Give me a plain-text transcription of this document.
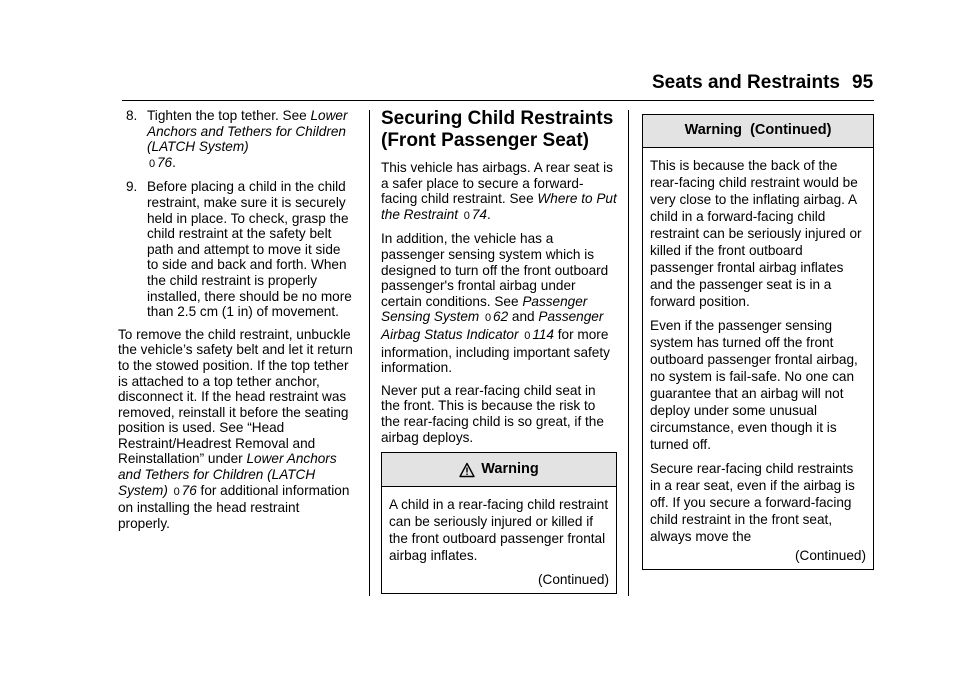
Seats and Restraints 95
8. Tighten the top tether. See Lower Anchors and Tethers for Children (LATCH System)
0 76.
9. Before placing a child in the child restraint, make sure it is securely held in place. To check, grasp the child restraint at the safety belt path and attempt to move it side to side and back and forth. When the child restraint is properly installed, there should be no more than 2.5 cm (1 in) of movement.

To remove the child restraint, unbuckle the vehicle’s safety belt and let it return to the stowed position. If the top tether is attached to a top tether anchor, disconnect it. If the head restraint was removed, reinstall it before the seating position is used. See “Head Restraint/Headrest Removal and Reinstallation” under Lower Anchors and Tethers for Children (LATCH System) 0 76 for additional information on installing the head restraint properly.

Securing Child Restraints (Front Passenger Seat)

This vehicle has airbags. A rear seat is a safer place to secure a forward-facing child restraint. See Where to Put the Restraint 0 74.

In addition, the vehicle has a passenger sensing system which is designed to turn off the front outboard passenger's frontal airbag under certain conditions. See Passenger Sensing System 0 62 and Passenger Airbag Status Indicator 0 114 for more information, including important safety information.

Never put a rear-facing child seat in the front. This is because the risk to the rear-facing child is so great, if the airbag deploys.

Warning

A child in a rear-facing child restraint can be seriously injured or killed if the front outboard passenger frontal airbag inflates.

(Continued)

Warning  (Continued)

This is because the back of the rear-facing child restraint would be very close to the inflating airbag. A child in a forward-facing child restraint can be seriously injured or killed if the front outboard passenger frontal airbag inflates and the passenger seat is in a forward position.

Even if the passenger sensing system has turned off the front outboard passenger frontal airbag, no system is fail-safe. No one can guarantee that an airbag will not deploy under some unusual circumstance, even though it is turned off.

Secure rear-facing child restraints in a rear seat, even if the airbag is off. If you secure a forward-facing child restraint in the front seat, always move the

(Continued)
